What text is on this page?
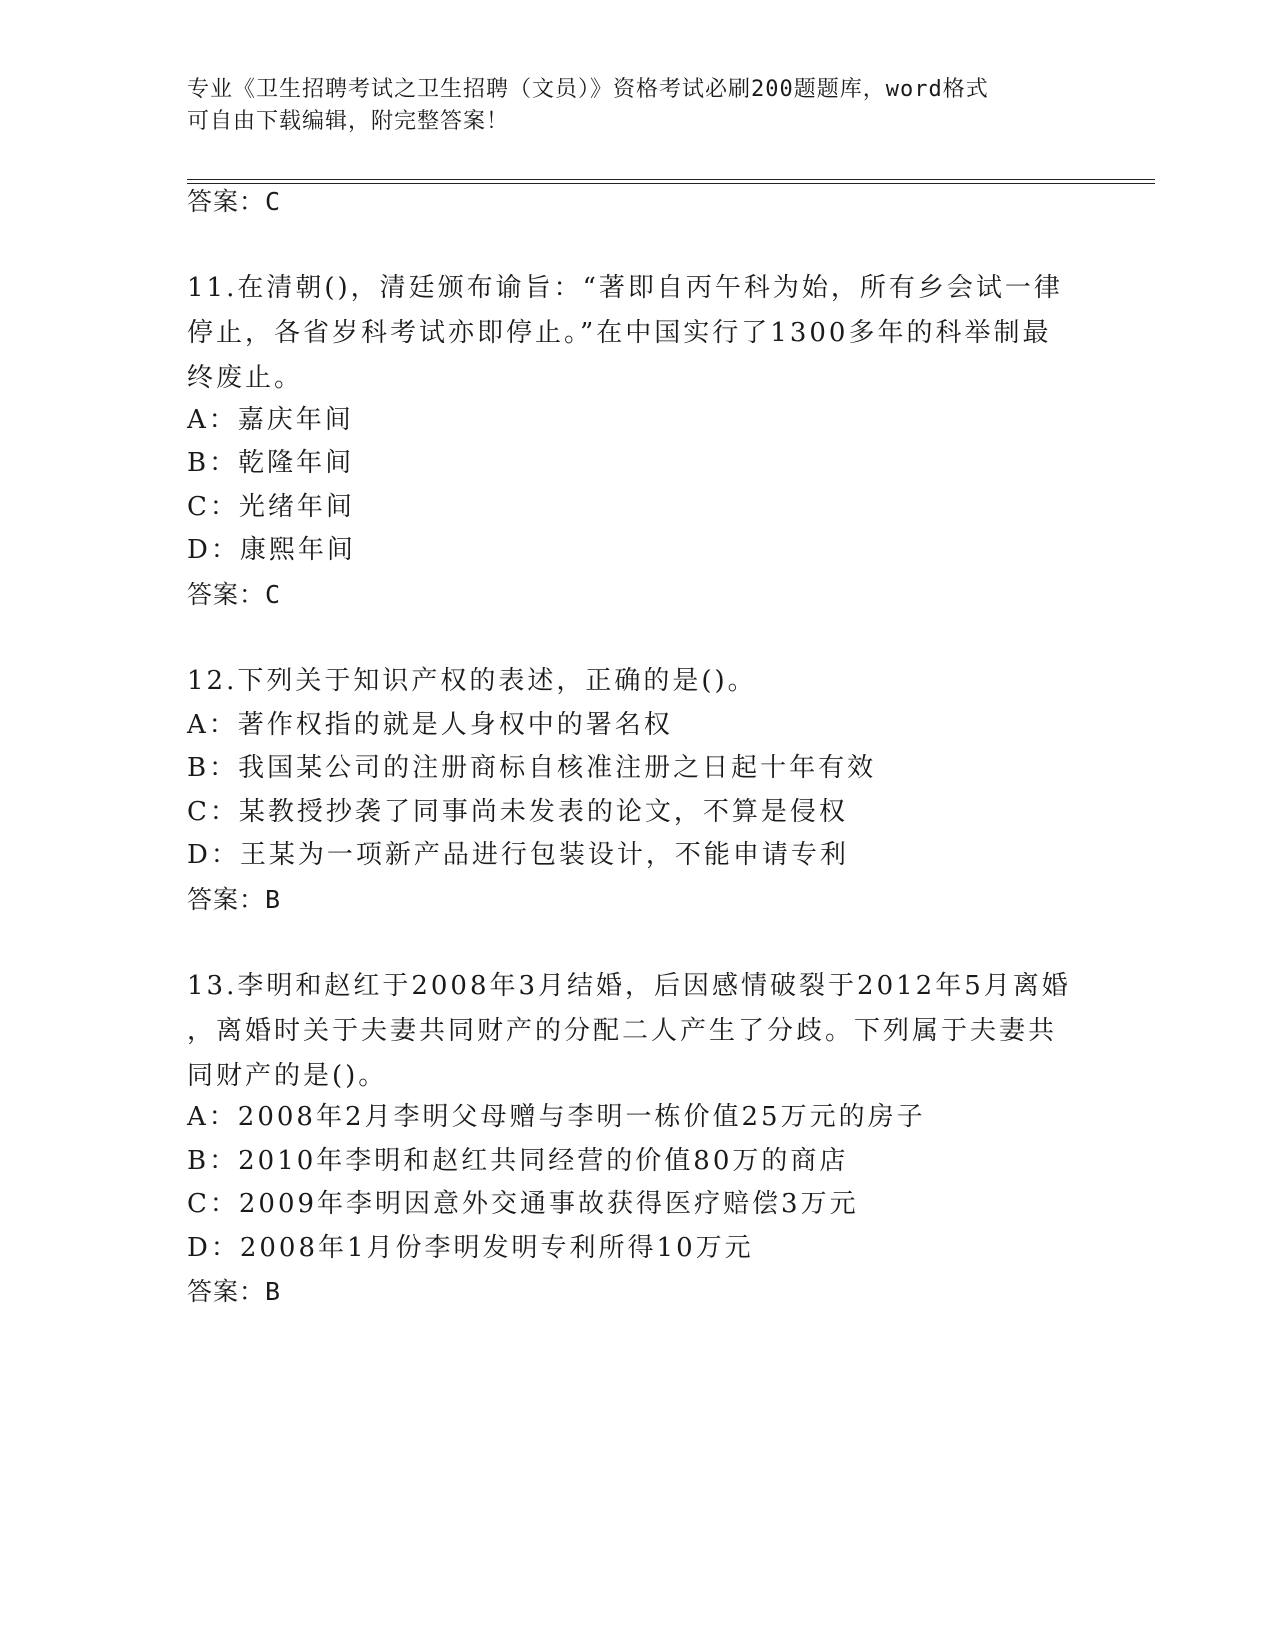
专业《卫生招聘考试之卫生招聘（文员）》资格考试必刷200题题库，word格式
可自由下载编辑，附完整答案！
答案：C
11.在清朝()，清廷颁布谕旨：“著即自丙午科为始，所有乡会试一律
停止，各省岁科考试亦即停止。”在中国实行了1300多年的科举制最
终废止。
A：嘉庆年间
B：乾隆年间
C：光绪年间
D：康熙年间
答案：C
12.下列关于知识产权的表述，正确的是()。
A：著作权指的就是人身权中的署名权
B：我国某公司的注册商标自核准注册之日起十年有效
C：某教授抄袭了同事尚未发表的论文，不算是侵权
D：王某为一项新产品进行包装设计，不能申请专利
答案：B
13.李明和赵红于2008年3月结婚，后因感情破裂于2012年5月离婚
，离婚时关于夫妻共同财产的分配二人产生了分歧。下列属于夫妻共
同财产的是()。
A：2008年2月李明父母赠与李明一栋价值25万元的房子
B：2010年李明和赵红共同经营的价值80万的商店
C：2009年李明因意外交通事故获得医疗赔偿3万元
D：2008年1月份李明发明专利所得10万元
答案：B
